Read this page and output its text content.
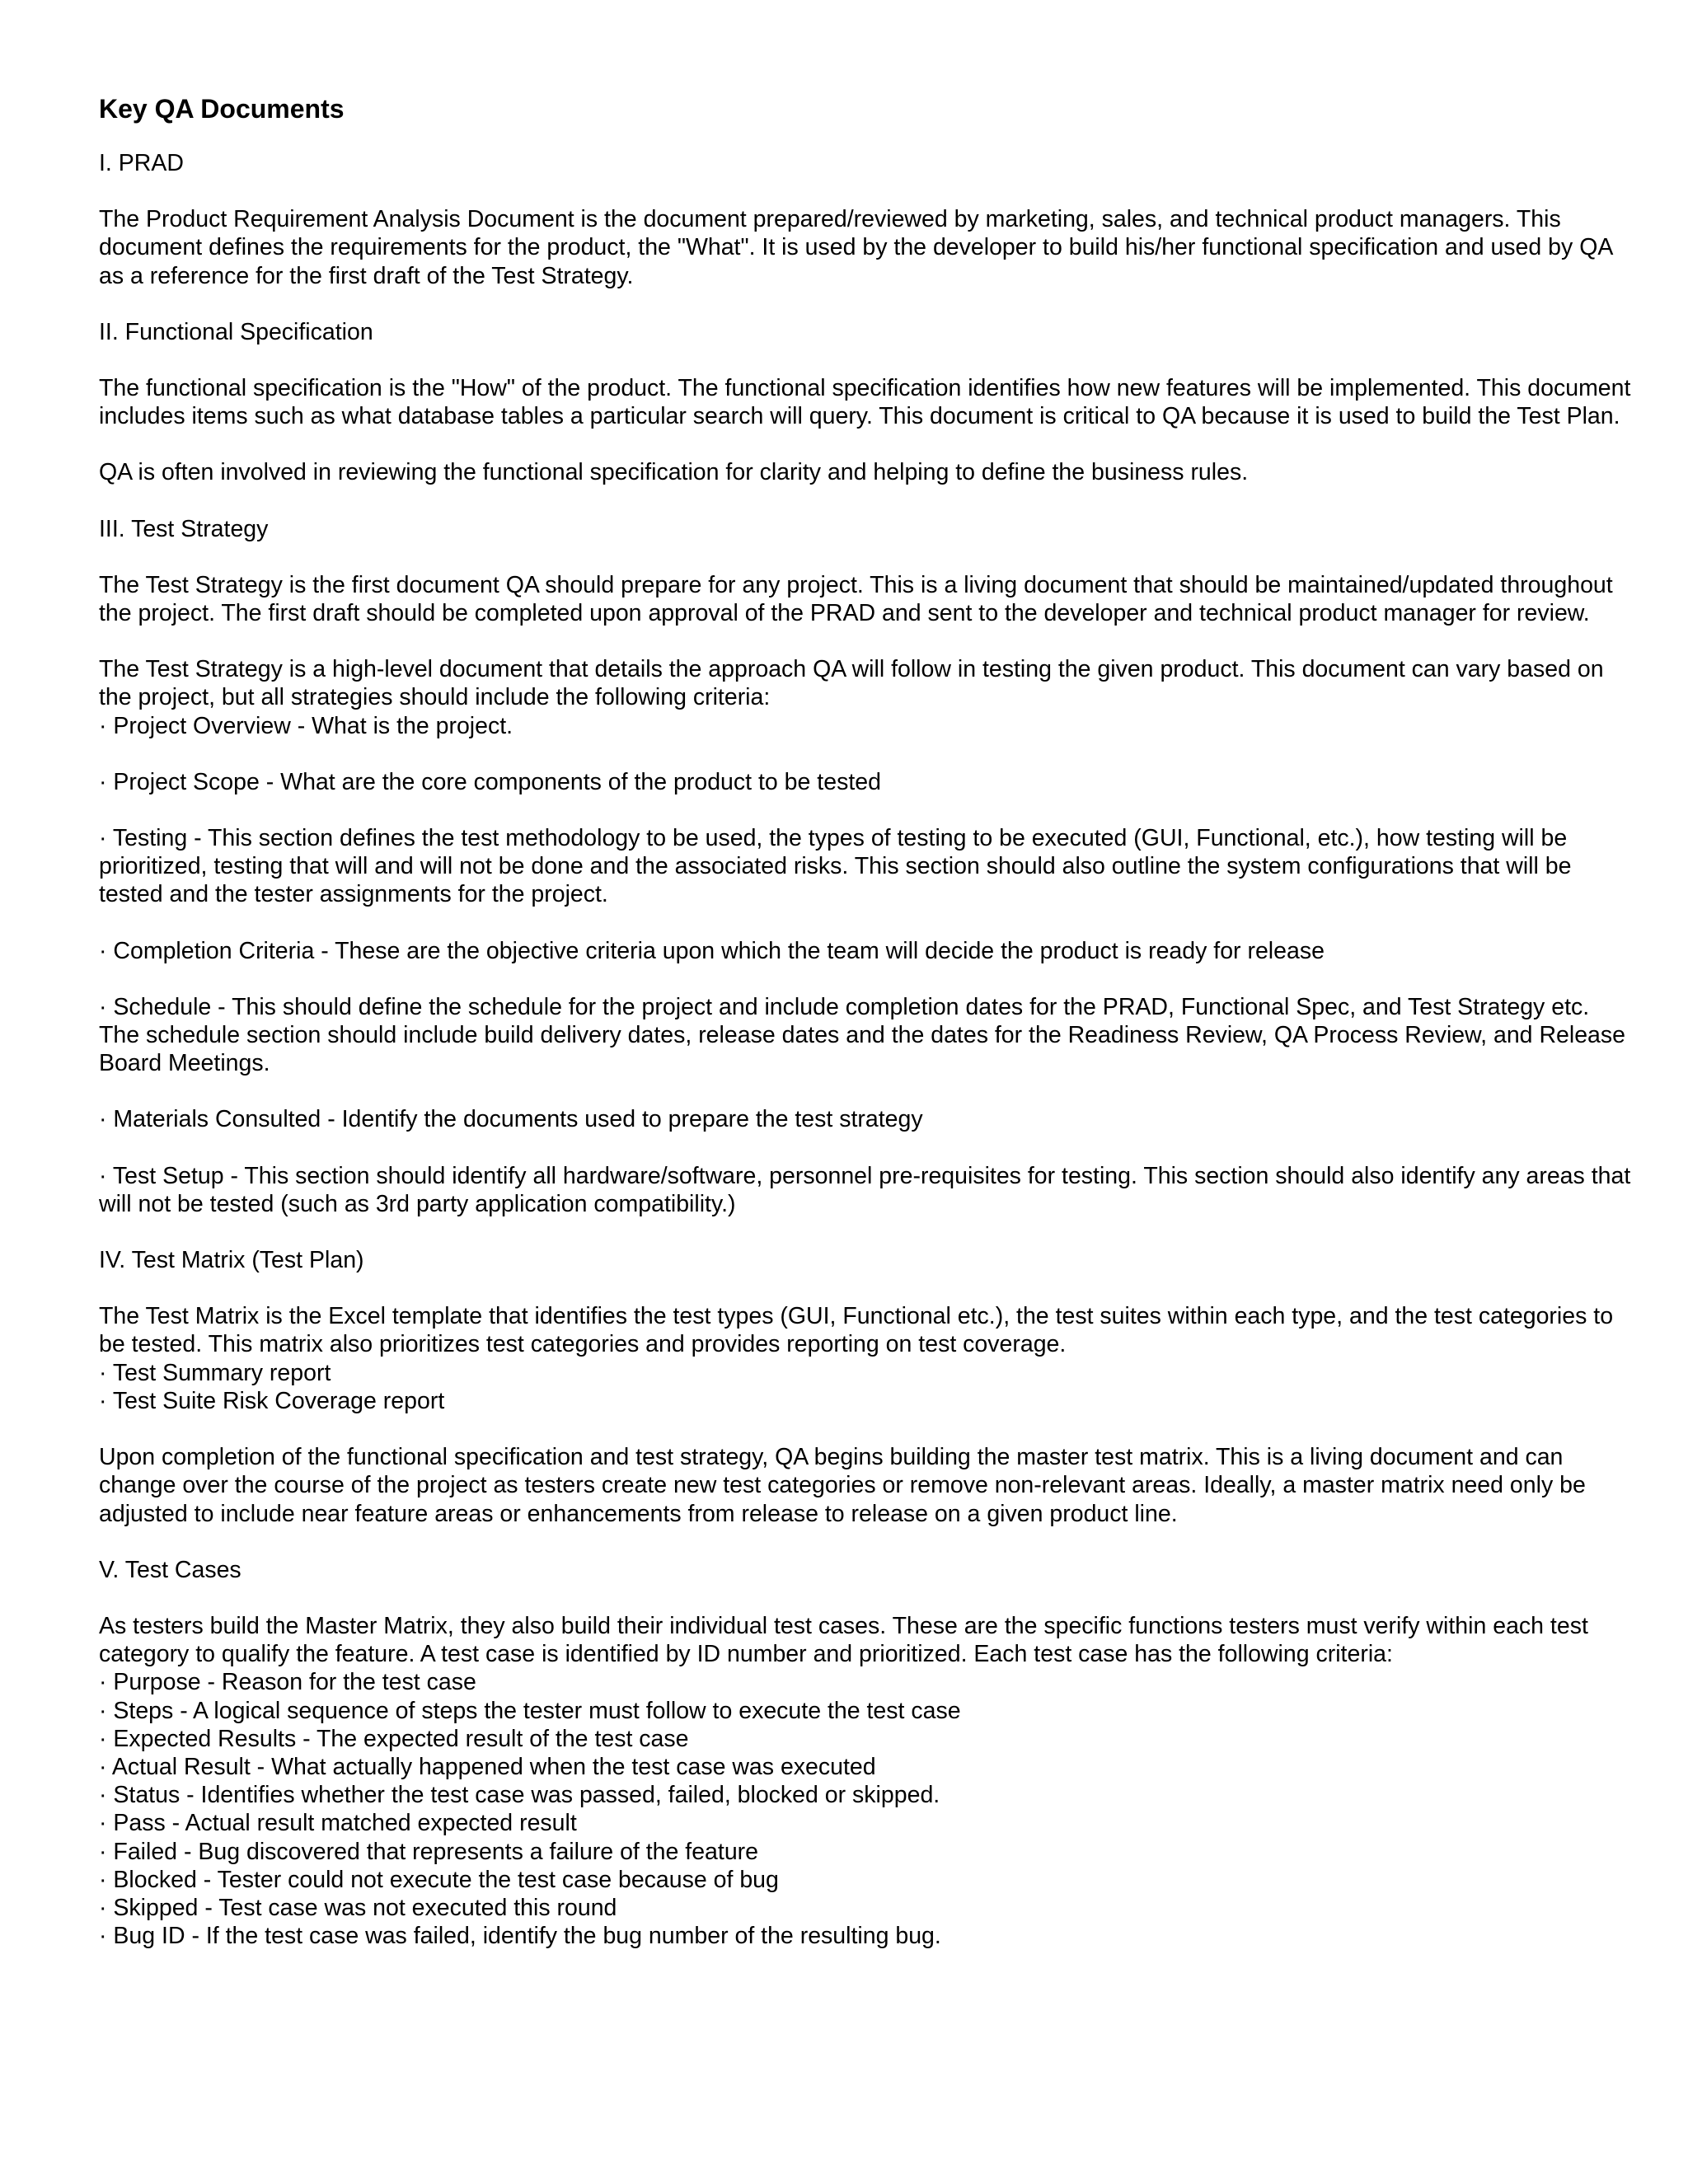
Key QA Documents
I. PRAD
The Product Requirement Analysis Document is the document prepared/reviewed by marketing, sales, and technical product managers. This document defines the requirements for the product, the "What". It is used by the developer to build his/her functional specification and used by QA as a reference for the first draft of the Test Strategy.
II. Functional Specification
The functional specification is the "How" of the product. The functional specification identifies how new features will be implemented. This document includes items such as what database tables a particular search will query. This document is critical to QA because it is used to build the Test Plan.
QA is often involved in reviewing the functional specification for clarity and helping to define the business rules.
III. Test Strategy
The Test Strategy is the first document QA should prepare for any project. This is a living document that should be maintained/updated throughout the project. The first draft should be completed upon approval of the PRAD and sent to the developer and technical product manager for review.
The Test Strategy is a high-level document that details the approach QA will follow in testing the given product. This document can vary based on the project, but all strategies should include the following criteria:
· Project Overview - What is the project.
· Project Scope - What are the core components of the product to be tested
· Testing - This section defines the test methodology to be used, the types of testing to be executed (GUI, Functional, etc.), how testing will be prioritized, testing that will and will not be done and the associated risks. This section should also outline the system configurations that will be tested and the tester assignments for the project.
· Completion Criteria - These are the objective criteria upon which the team will decide the product is ready for release
· Schedule - This should define the schedule for the project and include completion dates for the PRAD, Functional Spec, and Test Strategy etc. The schedule section should include build delivery dates, release dates and the dates for the Readiness Review, QA Process Review, and Release Board Meetings.
· Materials Consulted - Identify the documents used to prepare the test strategy
· Test Setup - This section should identify all hardware/software, personnel pre-requisites for testing. This section should also identify any areas that will not be tested (such as 3rd party application compatibility.)
IV. Test Matrix (Test Plan)
The Test Matrix is the Excel template that identifies the test types (GUI, Functional etc.), the test suites within each type, and the test categories to be tested. This matrix also prioritizes test categories and provides reporting on test coverage.
· Test Summary report
· Test Suite Risk Coverage report
Upon completion of the functional specification and test strategy, QA begins building the master test matrix. This is a living document and can change over the course of the project as testers create new test categories or remove non-relevant areas. Ideally, a master matrix need only be adjusted to include near feature areas or enhancements from release to release on a given product line.
V. Test Cases
As testers build the Master Matrix, they also build their individual test cases. These are the specific functions testers must verify within each test category to qualify the feature. A test case is identified by ID number and prioritized. Each test case has the following criteria:
· Purpose - Reason for the test case
· Steps - A logical sequence of steps the tester must follow to execute the test case
· Expected Results - The expected result of the test case
· Actual Result - What actually happened when the test case was executed
· Status - Identifies whether the test case was passed, failed, blocked or skipped.
· Pass - Actual result matched expected result
· Failed - Bug discovered that represents a failure of the feature
· Blocked - Tester could not execute the test case because of bug
· Skipped - Test case was not executed this round
· Bug ID - If the test case was failed, identify the bug number of the resulting bug.
